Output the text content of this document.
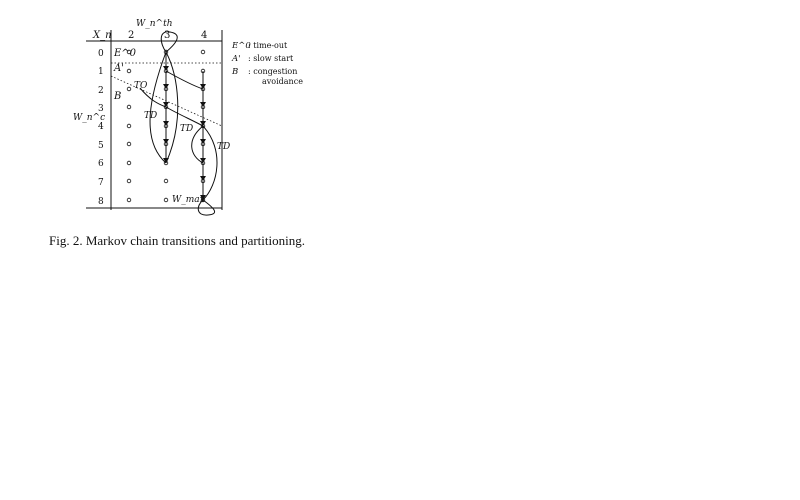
X_n 2	3	4
W_n^th
0
1
2
3
4
5
6
7
8
W_n^c
E^0
A'
B
TO
TD
TD
TD
W_max
E^0
: time-out
A' : slow start
B : congestion
avoidance
Fig. 2. Markov chain transitions and partitioning.
